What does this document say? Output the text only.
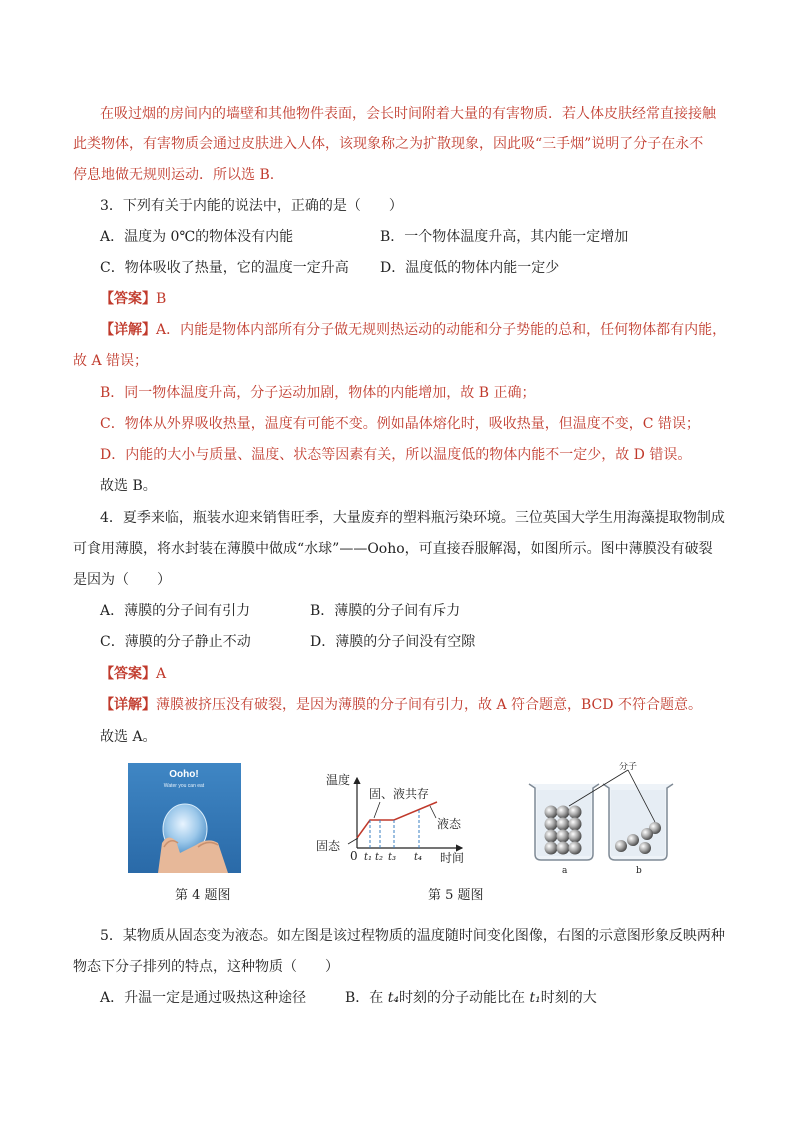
在吸过烟的房间内的墙壁和其他物件表面，会长时间附着大量的有害物质．若人体皮肤经常直接接触
此类物体，有害物质会通过皮肤进入人体，该现象称之为扩散现象，因此吸“三手烟”说明了分子在永不
停息地做无规则运动．所以选 B.
3．下列有关于内能的说法中，正确的是（　　）
A．温度为 0℃的物体没有内能	B．一个物体温度升高，其内能一定增加
C．物体吸收了热量，它的温度一定升高 D．温度低的物体内能一定少
【答案】B
【详解】A．内能是物体内部所有分子做无规则热运动的动能和分子势能的总和，任何物体都有内能，
故 A 错误；
B．同一物体温度升高，分子运动加剧，物体的内能增加，故 B 正确；
C．物体从外界吸收热量，温度有可能不变。例如晶体熔化时，吸收热量，但温度不变，C 错误；
D．内能的大小与质量、温度、状态等因素有关，所以温度低的物体内能不一定少，故 D 错误。
故选 B。
4．夏季来临，瓶装水迎来销售旺季，大量废弃的塑料瓶污染环境。三位英国大学生用海藻提取物制成
可食用薄膜，将水封装在薄膜中做成“水球”——Ooho，可直接吞服解渴，如图所示。图中薄膜没有破裂
是因为（　　）
A．薄膜的分子间有引力	B．薄膜的分子间有斥力
C．薄膜的分子静止不动	D．薄膜的分子间没有空隙
【答案】A
【详解】薄膜被挤压没有破裂，是因为薄膜的分子间有引力，故 A 符合题意，BCD 不符合题意。
故选 A。
Ooho!
Water you can eat	温度
时间
0
固、液共存
液态
固态
t₁ t₂ t₃ t₄
分子
a	b
第 4 题图	第 5 题图
5．某物质从固态变为液态。如左图是该过程物质的温度随时间变化图像，右图的示意图形象反映两种
物态下分子排列的特点，这种物质（　　）
A．升温一定是通过吸热这种途径	B．在 t₄时刻的分子动能比在 t₁时刻的大
